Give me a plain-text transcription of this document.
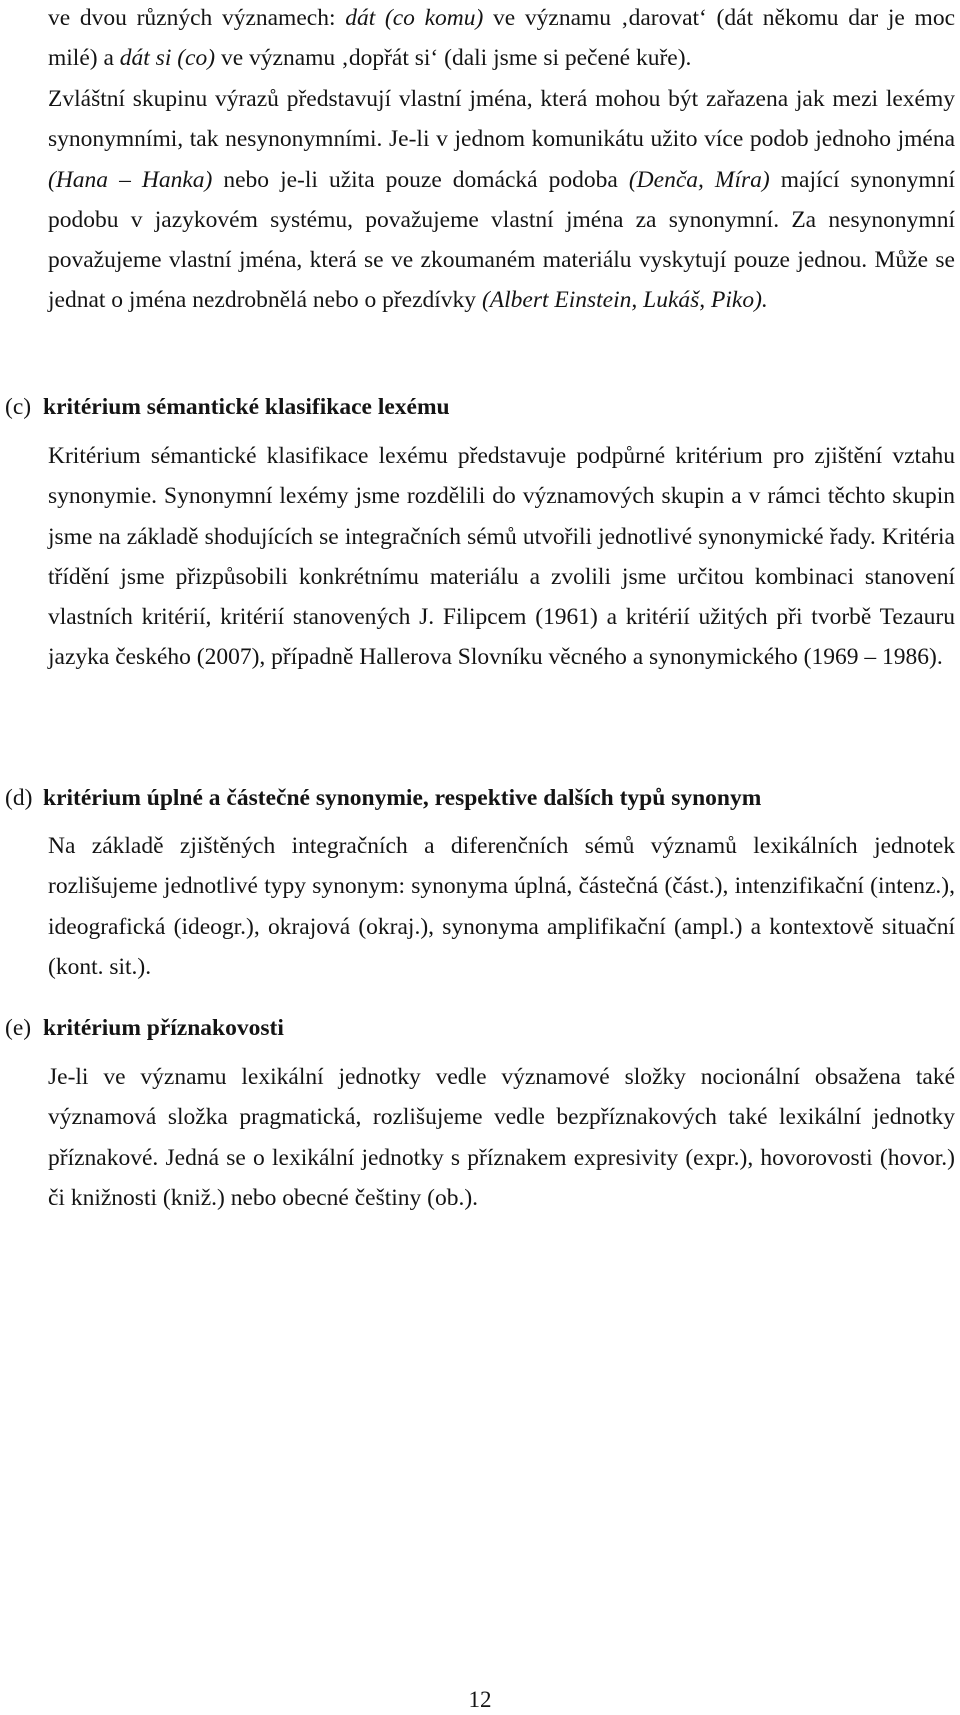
ve dvou různých významech: dát (co komu) ve významu ‚darovat‘ (dát někomu dar je moc milé) a dát si (co) ve významu ‚dopřát si‘ (dali jsme si pečené kuře).

Zvláštní skupinu výrazů představují vlastní jména, která mohou být zařazena jak mezi lexémy synonymními, tak nesynonymními. Je-li v jednom komunikátu užito více podob jednoho jména (Hana – Hanka) nebo je-li užita pouze domácká podoba (Denča, Míra) mající synonymní podobu v jazykovém systému, považujeme vlastní jména za synonymní. Za nesynonymní považujeme vlastní jména, která se ve zkoumaném materiálu vyskytují pouze jednou. Může se jednat o jména nezdrobnělá nebo o přezdívky (Albert Einstein, Lukáš, Piko).

(c) kritérium sémantické klasifikace lexému

Kritérium sémantické klasifikace lexému představuje podpůrné kritérium pro zjištění vztahu synonymie. Synonymní lexémy jsme rozdělili do významových skupin a v rámci těchto skupin jsme na základě shodujících se integračních sémů utvořili jednotlivé synonymické řady. Kritéria třídění jsme přizpůsobili konkrétnímu materiálu a zvolili jsme určitou kombinaci stanovení vlastních kritérií, kritérií stanovených J. Filipcem (1961) a kritérií užitých při tvorbě Tezauru jazyka českého (2007), případně Hallerova Slovníku věcného a synonymického (1969 – 1986).

(d) kritérium úplné a částečné synonymie, respektive dalších typů synonym

Na základě zjištěných integračních a diferenčních sémů významů lexikálních jednotek rozlišujeme jednotlivé typy synonym: synonyma úplná, částečná (část.), intenzifikační (intenz.), ideografická (ideogr.), okrajová (okraj.), synonyma amplifikační (ampl.) a kontextově situační (kont. sit.).

(e) kritérium příznakovosti

Je-li ve významu lexikální jednotky vedle významové složky nocionální obsažena také významová složka pragmatická, rozlišujeme vedle bezpříznakových také lexikální jednotky příznakové. Jedná se o lexikální jednotky s příznakem expresivity (expr.), hovorovosti (hovor.) či knižnosti (kniž.) nebo obecné češtiny (ob.).

12
